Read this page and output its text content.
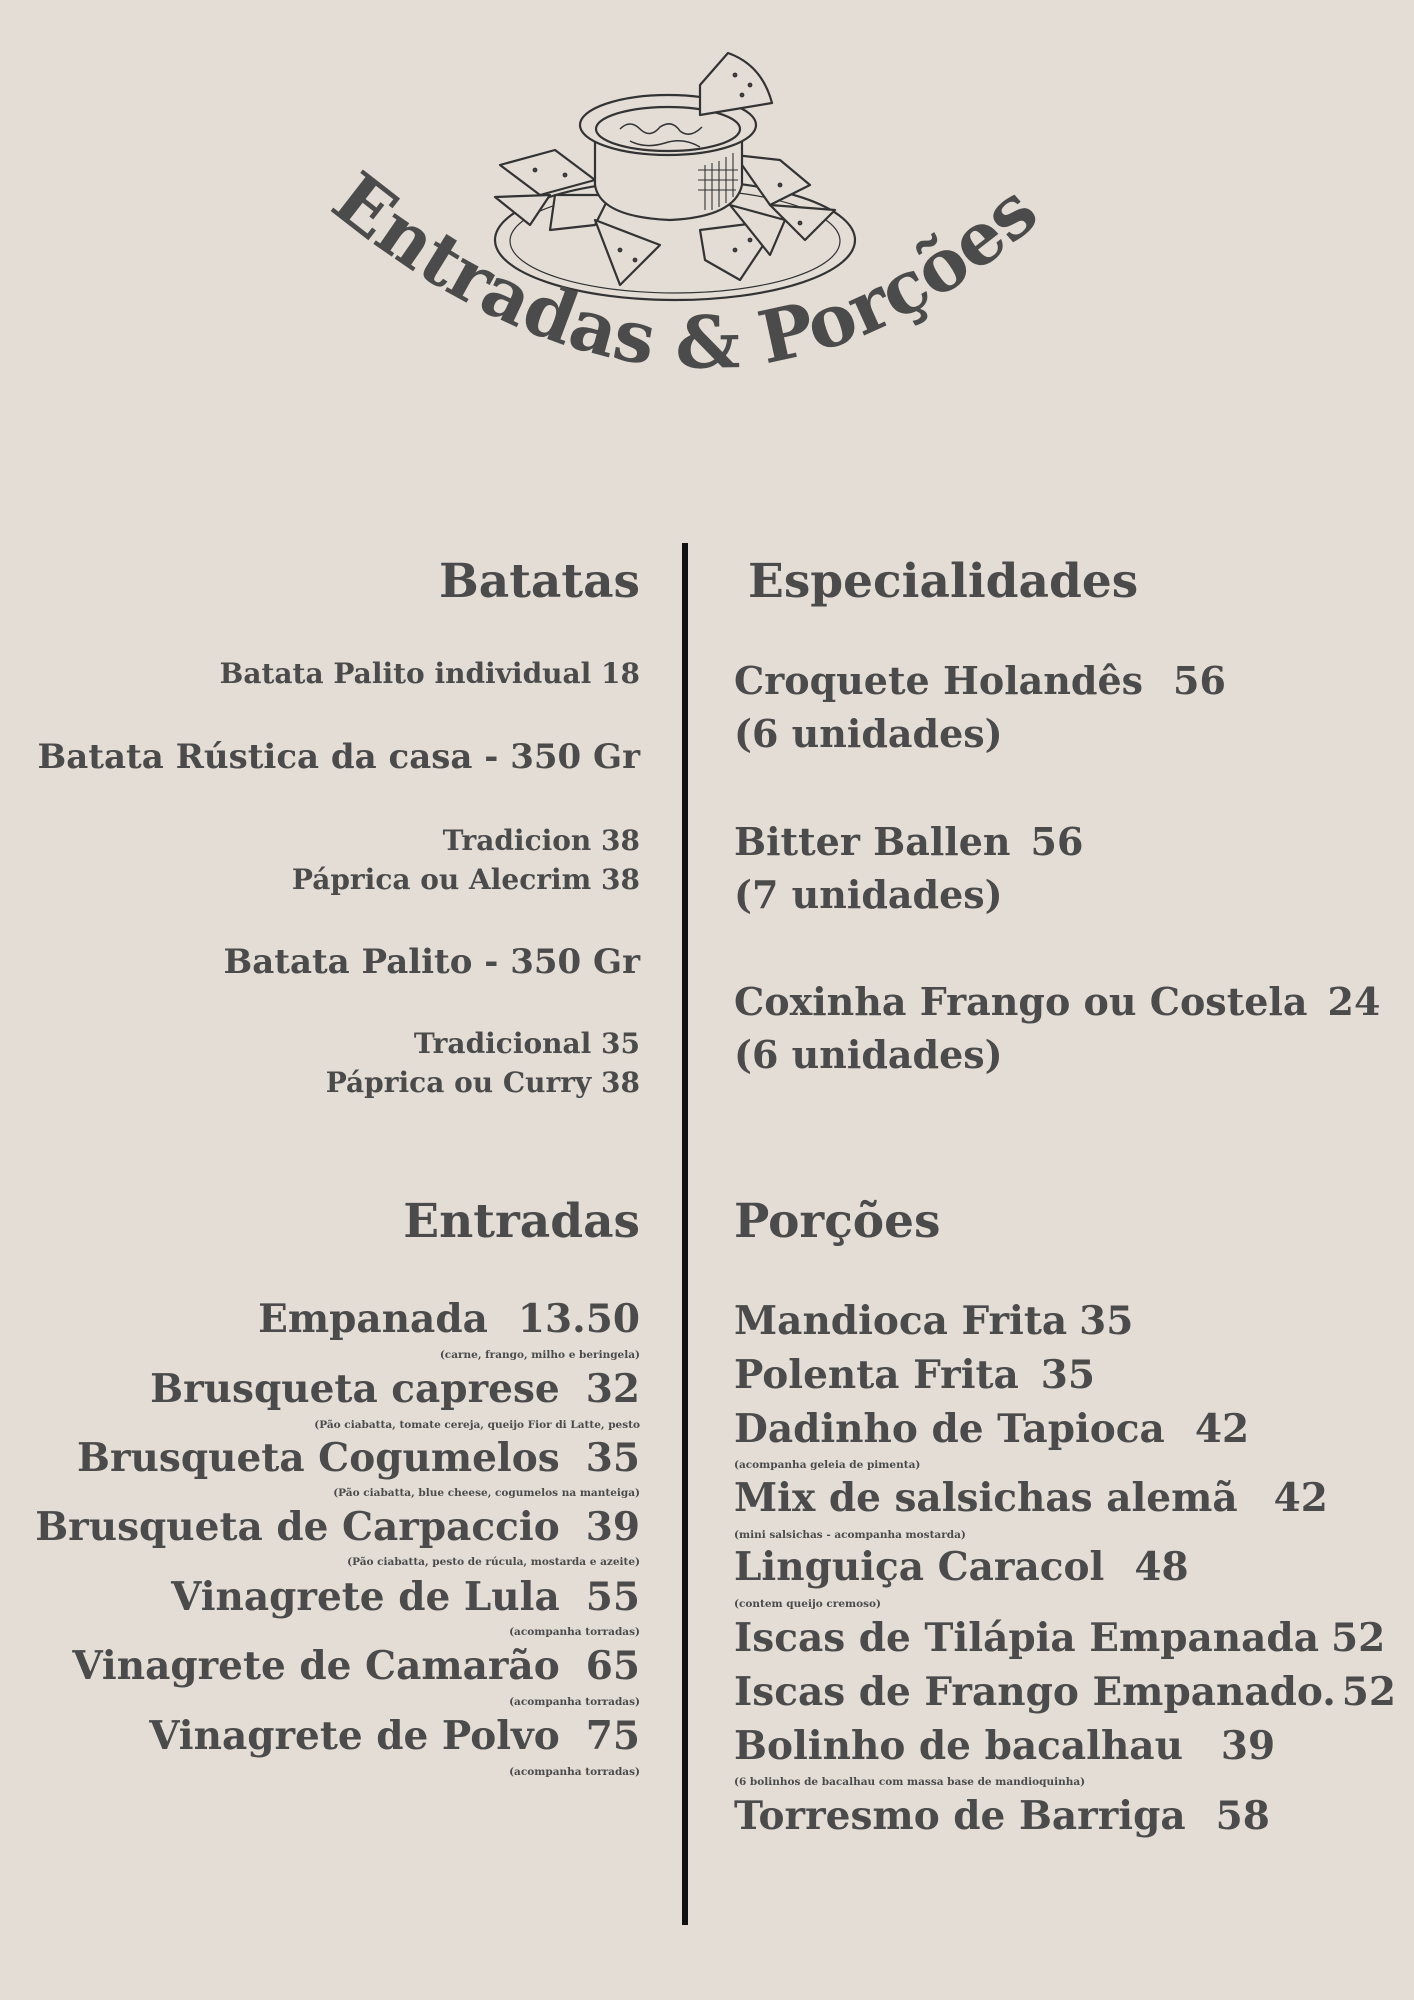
Entradas & Porções
Batatas
Batata Palito individual 18
Batata Rústica da casa - 350 Gr
Tradicion 38
Páprica ou Alecrim 38
Batata Palito - 350 Gr
Tradicional 35
Páprica ou Curry 38
Especialidades
Croquete Holandês 56
(6 unidades)
Bitter Ballen 56
(7 unidades)
Coxinha Frango ou Costela 24
(6 unidades)
Entradas
Empanada 13.50
(carne, frango, milho e beringela)
Brusqueta caprese 32
(Pão ciabatta, tomate cereja, queijo Fior di Latte, pesto
Brusqueta Cogumelos 35
(Pão ciabatta, blue cheese, cogumelos na manteiga)
Brusqueta de Carpaccio 39
(Pão ciabatta, pesto de rúcula, mostarda e azeite)
Vinagrete de Lula 55
(acompanha torradas)
Vinagrete de Camarão 65
(acompanha torradas)
Vinagrete de Polvo 75
(acompanha torradas)
Porções
Mandioca Frita 35
Polenta Frita 35
Dadinho de Tapioca 42
(acompanha geleia de pimenta)
Mix de salsichas alemã 42
(mini salsichas - acompanha mostarda)
Linguiça Caracol 48
(contem queijo cremoso)
Iscas de Tilápia Empanada 52
Iscas de Frango Empanado. 52
Bolinho de bacalhau 39
(6 bolinhos de bacalhau com massa base de mandioquinha)
Torresmo de Barriga 58
